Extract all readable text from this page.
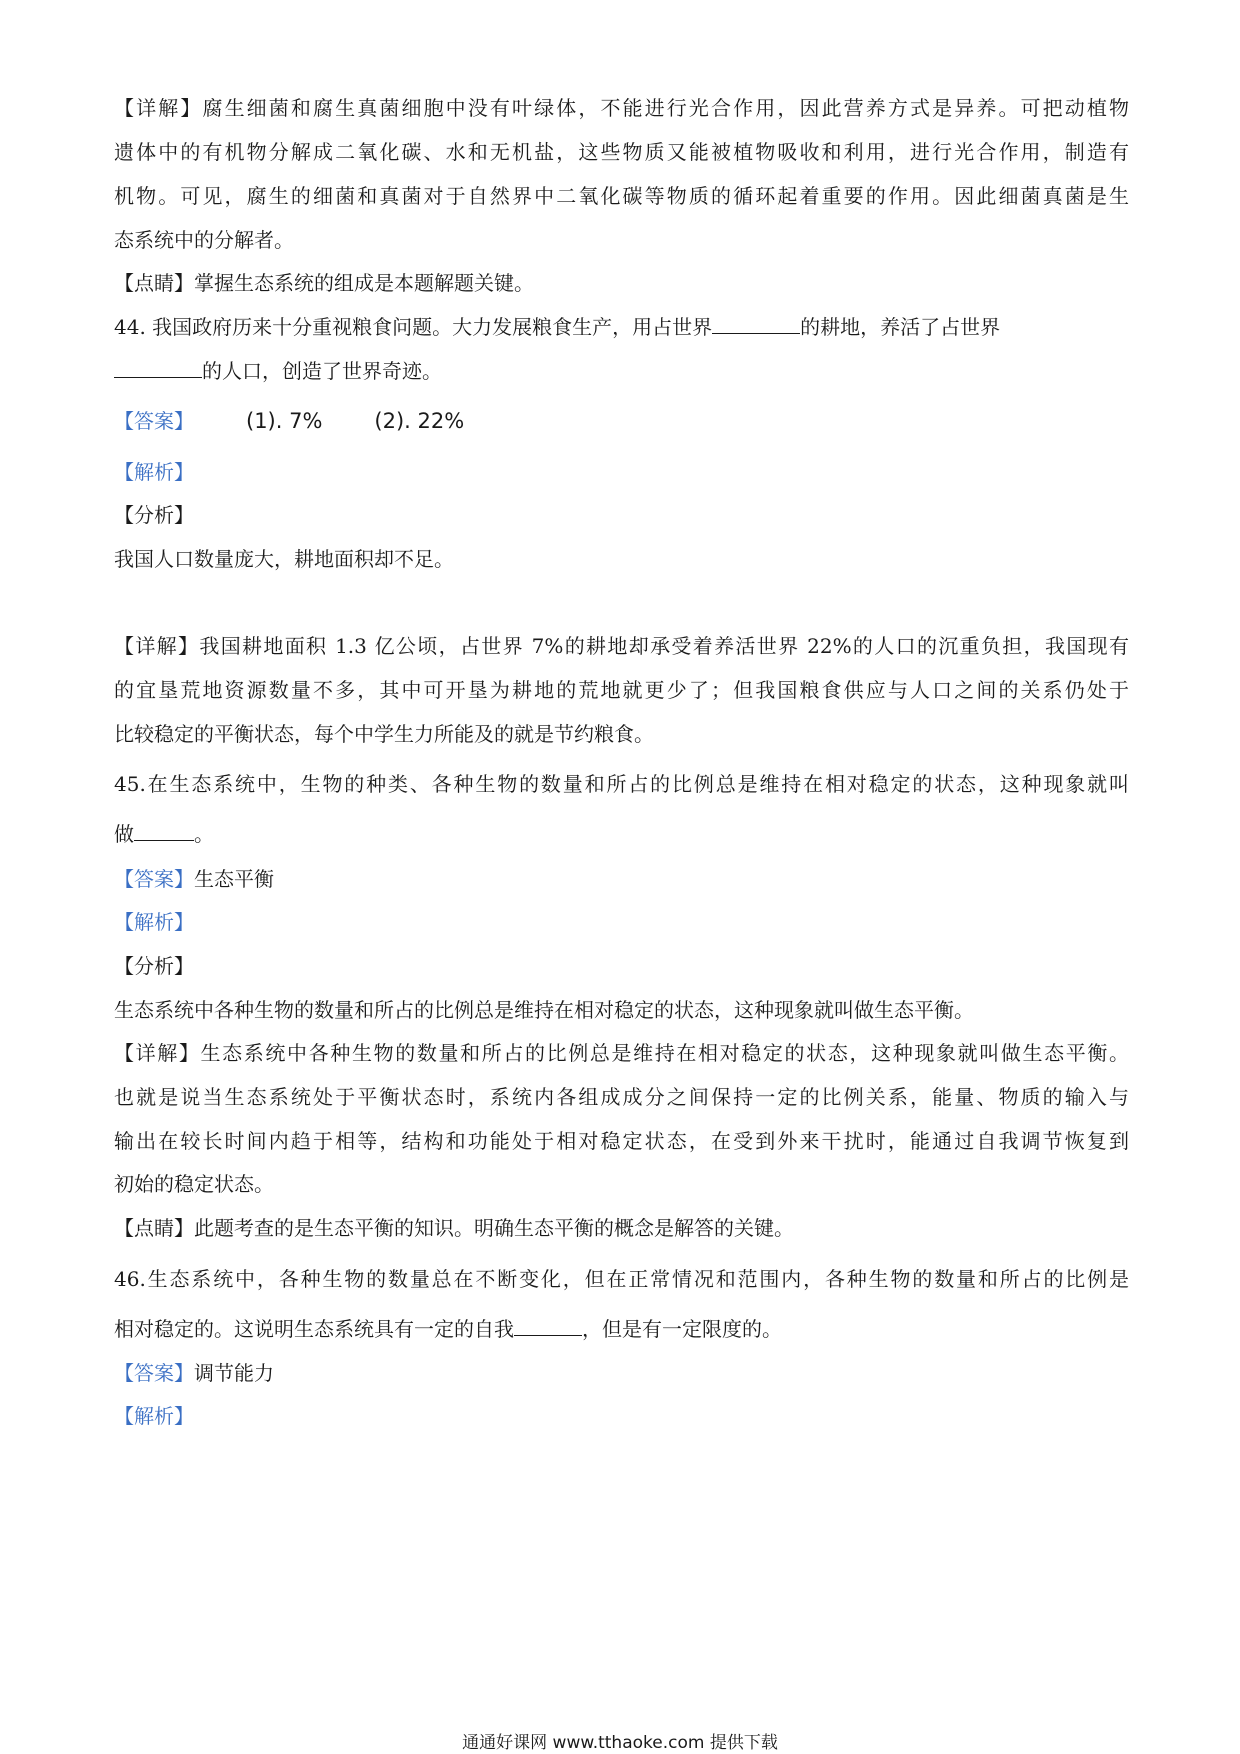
【详解】腐生细菌和腐生真菌细胞中没有叶绿体，不能进行光合作用，因此营养方式是异养。可把动植物
遗体中的有机物分解成二氧化碳、水和无机盐，这些物质又能被植物吸收和利用，进行光合作用，制造有
机物。可见，腐生的细菌和真菌对于自然界中二氧化碳等物质的循环起着重要的作用。因此细菌真菌是生
态系统中的分解者。
【点睛】掌握生态系统的组成是本题解题关键。
44. 我国政府历来十分重视粮食问题。大力发展粮食生产，用占世界	的耕地，养活了占世界
的人口，创造了世界奇迹。
【答案】 (1). 7% (2). 22%
【解析】
【分析】
我国人口数量庞大，耕地面积却不足。
【详解】我国耕地面积 1.3 亿公顷，占世界 7%的耕地却承受着养活世界 22%的人口的沉重负担，我国现有
的宜垦荒地资源数量不多，其中可开垦为耕地的荒地就更少了；但我国粮食供应与人口之间的关系仍处于
比较稳定的平衡状态，每个中学生力所能及的就是节约粮食。
45.在生态系统中，生物的种类、各种生物的数量和所占的比例总是维持在相对稳定的状态，这种现象就叫
做	。
【答案】生态平衡
【解析】
【分析】
生态系统中各种生物的数量和所占的比例总是维持在相对稳定的状态，这种现象就叫做生态平衡。
【详解】生态系统中各种生物的数量和所占的比例总是维持在相对稳定的状态，这种现象就叫做生态平衡。
也就是说当生态系统处于平衡状态时，系统内各组成成分之间保持一定的比例关系，能量、物质的输入与
输出在较长时间内趋于相等，结构和功能处于相对稳定状态，在受到外来干扰时，能通过自我调节恢复到
初始的稳定状态。
【点睛】此题考查的是生态平衡的知识。明确生态平衡的概念是解答的关键。
46.生态系统中，各种生物的数量总在不断变化，但在正常情况和范围内，各种生物的数量和所占的比例是
相对稳定的。这说明生态系统具有一定的自我	，但是有一定限度的。
【答案】调节能力
【解析】
通通好课网 www.tthaoke.com 提供下载
